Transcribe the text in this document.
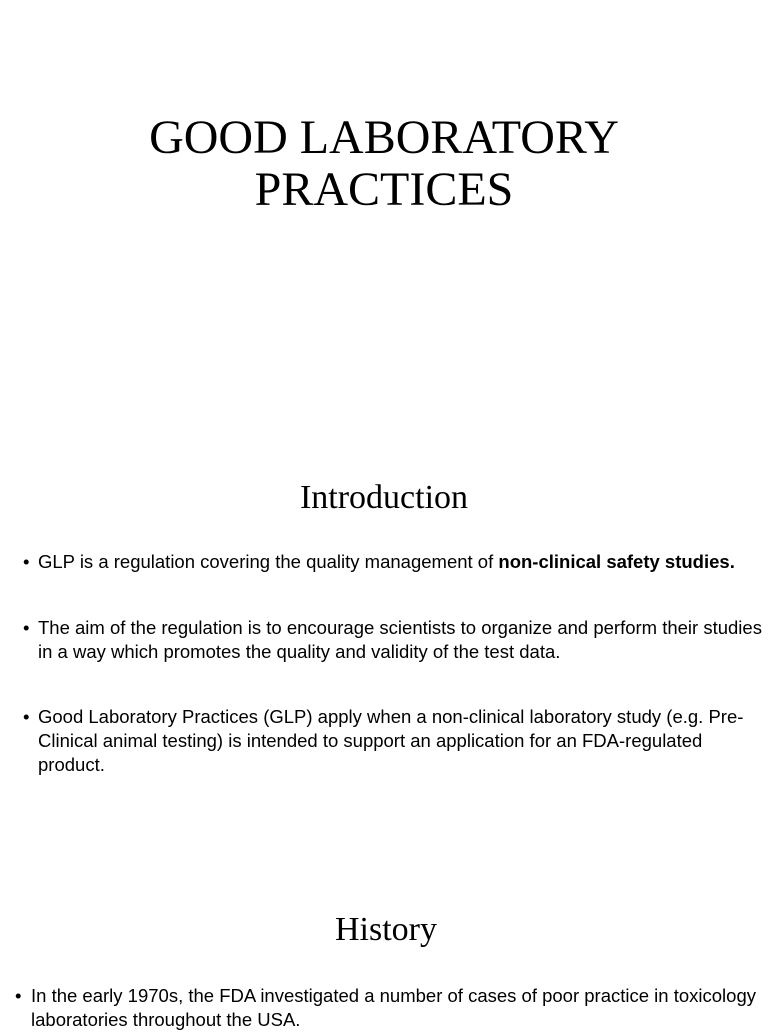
GOOD LABORATORY
PRACTICES
Introduction
• GLP is a regulation covering the quality management of non-clinical safety studies.
• The aim of the regulation is to encourage scientists to organize and perform their studies in a way which promotes the quality and validity of the test data.
• Good Laboratory Practices (GLP) apply when a non-clinical laboratory study (e.g. Pre-Clinical animal testing) is intended to support an application for an FDA-regulated product.
History
• In the early 1970s, the FDA investigated a number of cases of poor practice in toxicology laboratories throughout the USA.
